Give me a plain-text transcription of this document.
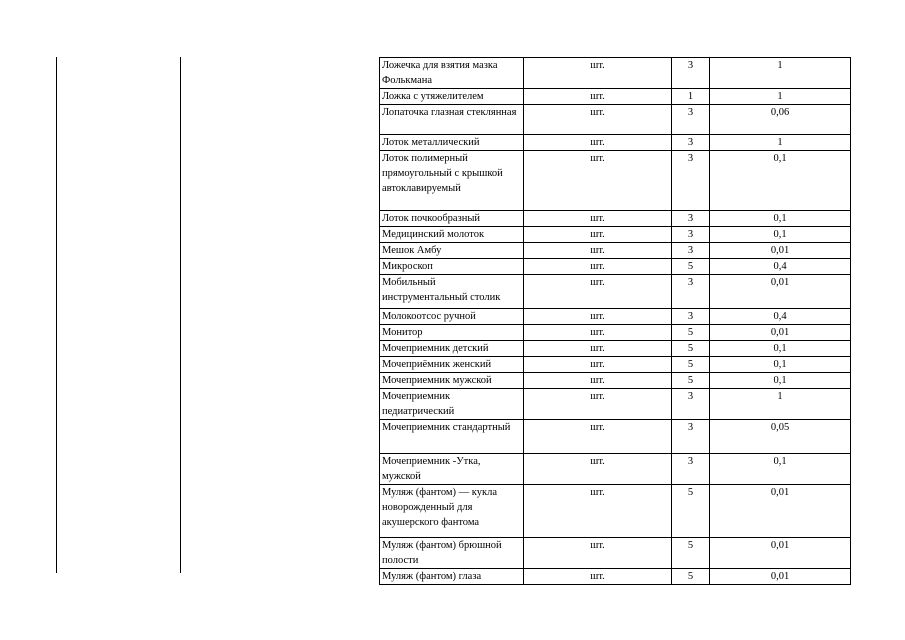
Ложечка для взятия мазка Фолькмана	шт.	3	1
Ложка с утяжелителем	шт.	1	1
Лопаточка глазная стеклянная	шт.	3	0,06
Лоток металлический	шт.	3	1
Лоток полимерный прямоугольный с крышкой автоклавируемый	шт.	3	0,1
Лоток почкообразный	шт.	3	0,1
Медицинский молоток	шт.	3	0,1
Мешок Амбу	шт.	3	0,01
Микроскоп	шт.	5	0,4
Мобильный инструментальный столик	шт.	3	0,01
Молокоотсос ручной	шт.	3	0,4
Монитор	шт.	5	0,01
Мочеприемник детский	шт.	5	0,1
Мочеприёмник женский	шт.	5	0,1
Мочеприемник мужской	шт.	5	0,1
Мочеприемник педиатрический	шт.	3	1
Мочеприемник стандартный	шт.	3	0,05
Мочеприемник -Утка, мужской	шт.	3	0,1
Муляж (фантом) — кукла новорожденный для акушерского фантома	шт.	5	0,01
Муляж (фантом) брюшной полости	шт.	5	0,01
Муляж (фантом) глаза	шт.	5	0,01
